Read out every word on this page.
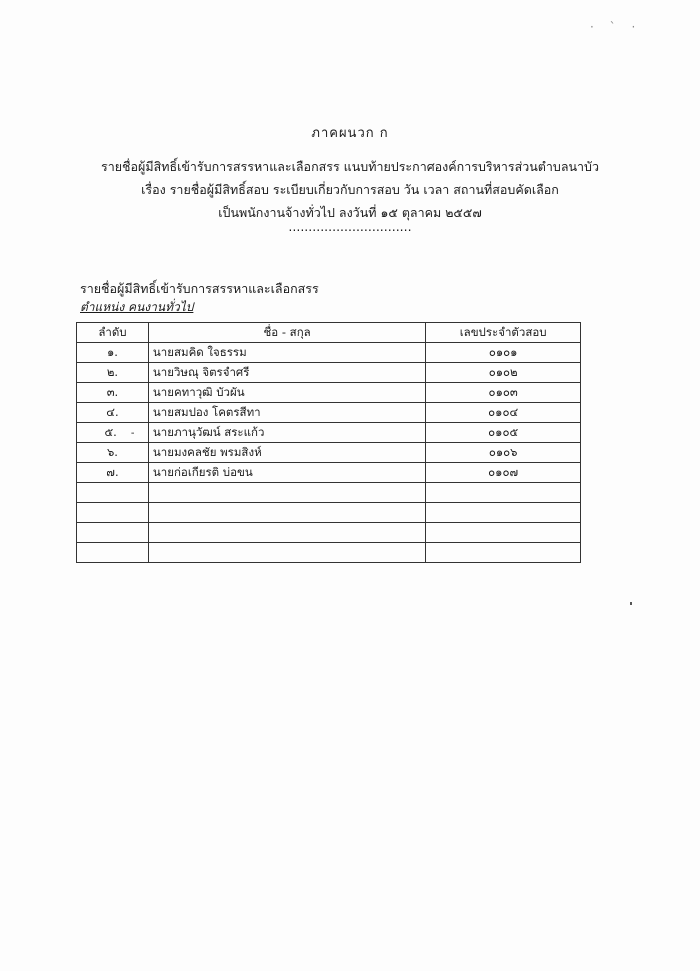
· ˋ ·
ภาคผนวก ก
รายชื่อผู้มีสิทธิ์เข้ารับการสรรหาและเลือกสรร แนบท้ายประกาศองค์การบริหารส่วนตำบลนาบัว
เรื่อง รายชื่อผู้มีสิทธิ์สอบ ระเบียบเกี่ยวกับการสอบ วัน เวลา สถานที่สอบคัดเลือก
เป็นพนักงานจ้างทั่วไป ลงวันที่ ๑๕ ตุลาคม ๒๕๕๗
...............................
รายชื่อผู้มีสิทธิ์เข้ารับการสรรหาและเลือกสรร
ตำแหน่ง คนงานทั่วไป
ลำดับ	ชื่อ - สกุล	เลขประจำตัวสอบ
๑.	นายสมคิด ใจธรรม	๐๑๐๑
๒.	นายวิษณุ จิตรจำศรี	๐๑๐๒
๓.	นายคทาวุฒิ บัวผัน	๐๑๐๓
๔.	นายสมปอง โคตรสีทา	๐๑๐๔
๕. -	นายภานุวัฒน์ สระแก้ว	๐๑๐๕
๖.	นายมงคลชัย พรมสิงห์	๐๑๐๖
๗.	นายก่อเกียรติ บ่อขน	๐๑๐๗
